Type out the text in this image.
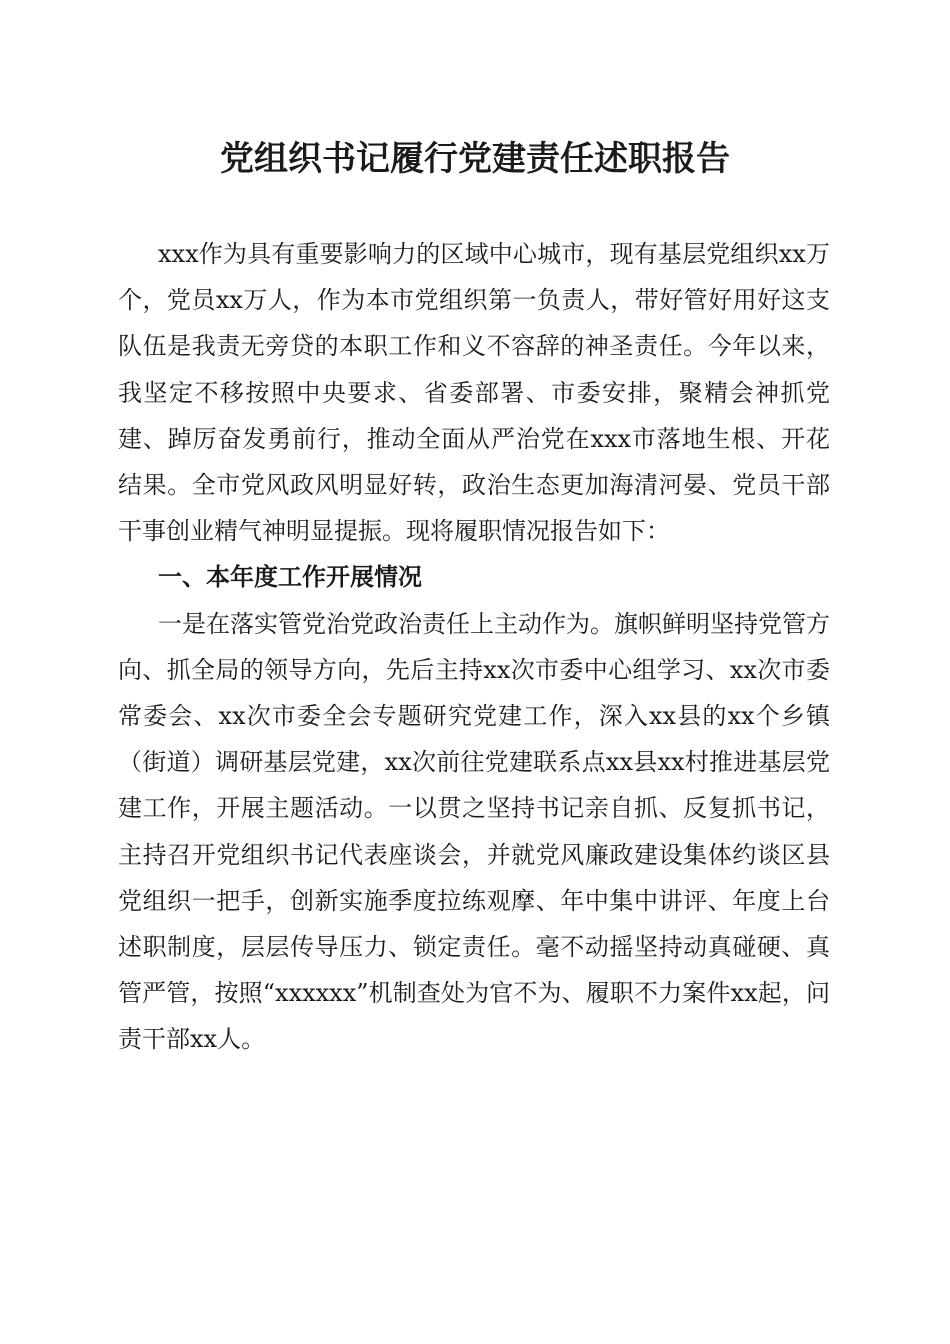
党组织书记履行党建责任述职报告

xxx作为具有重要影响力的区域中心城市，现有基层党组织xx万个，党员xx万人，作为本市党组织第一负责人，带好管好用好这支队伍是我责无旁贷的本职工作和义不容辞的神圣责任。今年以来，我坚定不移按照中央要求、省委部署、市委安排，聚精会神抓党建、踔厉奋发勇前行，推动全面从严治党在xxx市落地生根、开花结果。全市党风政风明显好转，政治生态更加海清河晏、党员干部干事创业精气神明显提振。现将履职情况报告如下：

一、本年度工作开展情况

一是在落实管党治党政治责任上主动作为。旗帜鲜明坚持党管方向、抓全局的领导方向，先后主持xx次市委中心组学习、xx次市委常委会、xx次市委全会专题研究党建工作，深入xx县的xx个乡镇（街道）调研基层党建，xx次前往党建联系点xx县xx村推进基层党建工作，开展主题活动。一以贯之坚持书记亲自抓、反复抓书记，主持召开党组织书记代表座谈会，并就党风廉政建设集体约谈区县党组织一把手，创新实施季度拉练观摩、年中集中讲评、年度上台述职制度，层层传导压力、锁定责任。毫不动摇坚持动真碰硬、真管严管，按照“xxxxxx”机制查处为官不为、履职不力案件xx起，问责干部xx人。
